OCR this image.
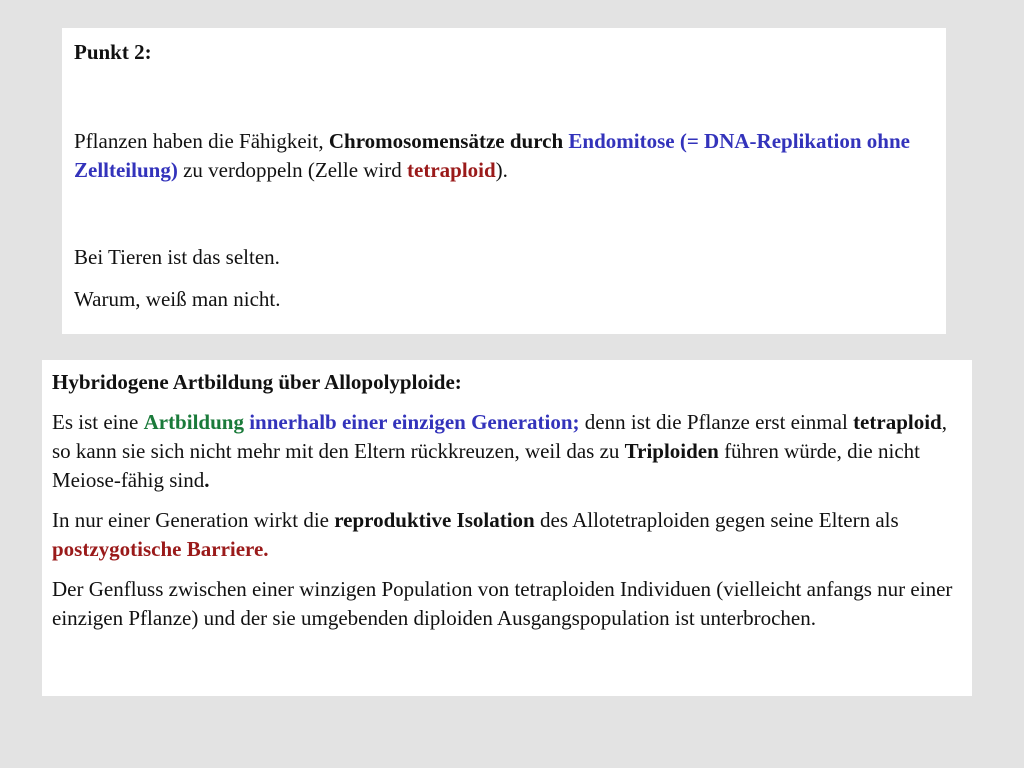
Punkt 2:

Pflanzen haben die Fähigkeit, Chromosomensätze durch Endomitose (= DNA-Replikation ohne Zellteilung) zu verdoppeln (Zelle wird tetraploid).

Bei Tieren ist das selten.

Warum, weiß man nicht.

Hybridogene Artbildung über Allopolyploide:

Es ist eine Artbildung innerhalb einer einzigen Generation; denn ist die Pflanze erst einmal tetraploid, so kann sie sich nicht mehr mit den Eltern rückkreuzen, weil das zu Triploiden führen würde, die nicht Meiose-fähig sind.

In nur einer Generation wirkt die reproduktive Isolation des Allotetraploiden gegen seine Eltern als postzygotische Barriere.

Der Genfluss zwischen einer winzigen Population von tetraploiden Individuen (vielleicht anfangs nur einer einzigen Pflanze) und der sie umgebenden diploiden Ausgangspopulation ist unterbrochen.
